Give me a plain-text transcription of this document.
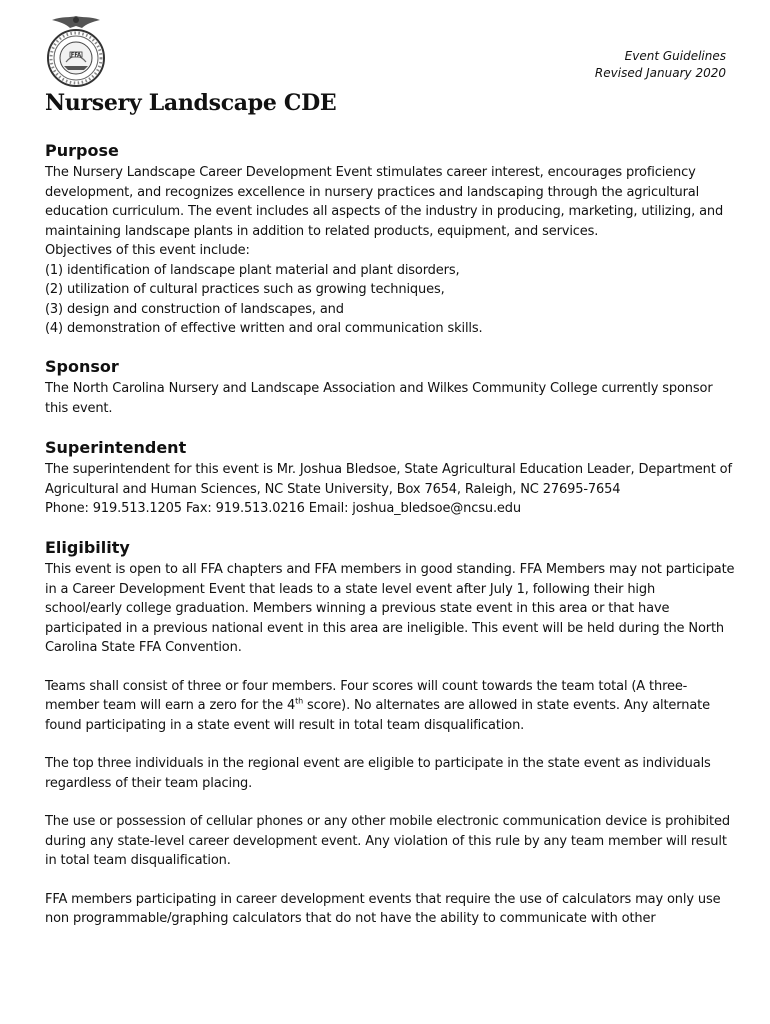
FFA	Event Guidelines
Revised January 2020
Nursery Landscape CDE
Purpose

The Nursery Landscape Career Development Event stimulates career interest, encourages proficiency development, and recognizes excellence in nursery practices and landscaping through the agricultural education curriculum. The event includes all aspects of the industry in producing, marketing, utilizing, and maintaining landscape plants in addition to related products, equipment, and services.
Objectives of this event include:
(1) identification of landscape plant material and plant disorders,
(2) utilization of cultural practices such as growing techniques,
(3) design and construction of landscapes, and
(4) demonstration of effective written and oral communication skills.

Sponsor

The North Carolina Nursery and Landscape Association and Wilkes Community College currently sponsor this event.

Superintendent

The superintendent for this event is Mr. Joshua Bledsoe, State Agricultural Education Leader, Department of Agricultural and Human Sciences, NC State University, Box 7654, Raleigh, NC 27695-7654
Phone: 919.513.1205 Fax: 919.513.0216 Email: joshua_bledsoe@ncsu.edu

Eligibility

This event is open to all FFA chapters and FFA members in good standing. FFA Members may not participate in a Career Development Event that leads to a state level event after July 1, following their high school/early college graduation. Members winning a previous state event in this area or that have participated in a previous national event in this area are ineligible. This event will be held during the North Carolina State FFA Convention.

Teams shall consist of three or four members. Four scores will count towards the team total (A three-member team will earn a zero for the 4th score). No alternates are allowed in state events. Any alternate found participating in a state event will result in total team disqualification.

The top three individuals in the regional event are eligible to participate in the state event as individuals regardless of their team placing.

The use or possession of cellular phones or any other mobile electronic communication device is prohibited during any state-level career development event. Any violation of this rule by any team member will result in total team disqualification.

FFA members participating in career development events that require the use of calculators may only use non programmable/graphing calculators that do not have the ability to communicate with other
